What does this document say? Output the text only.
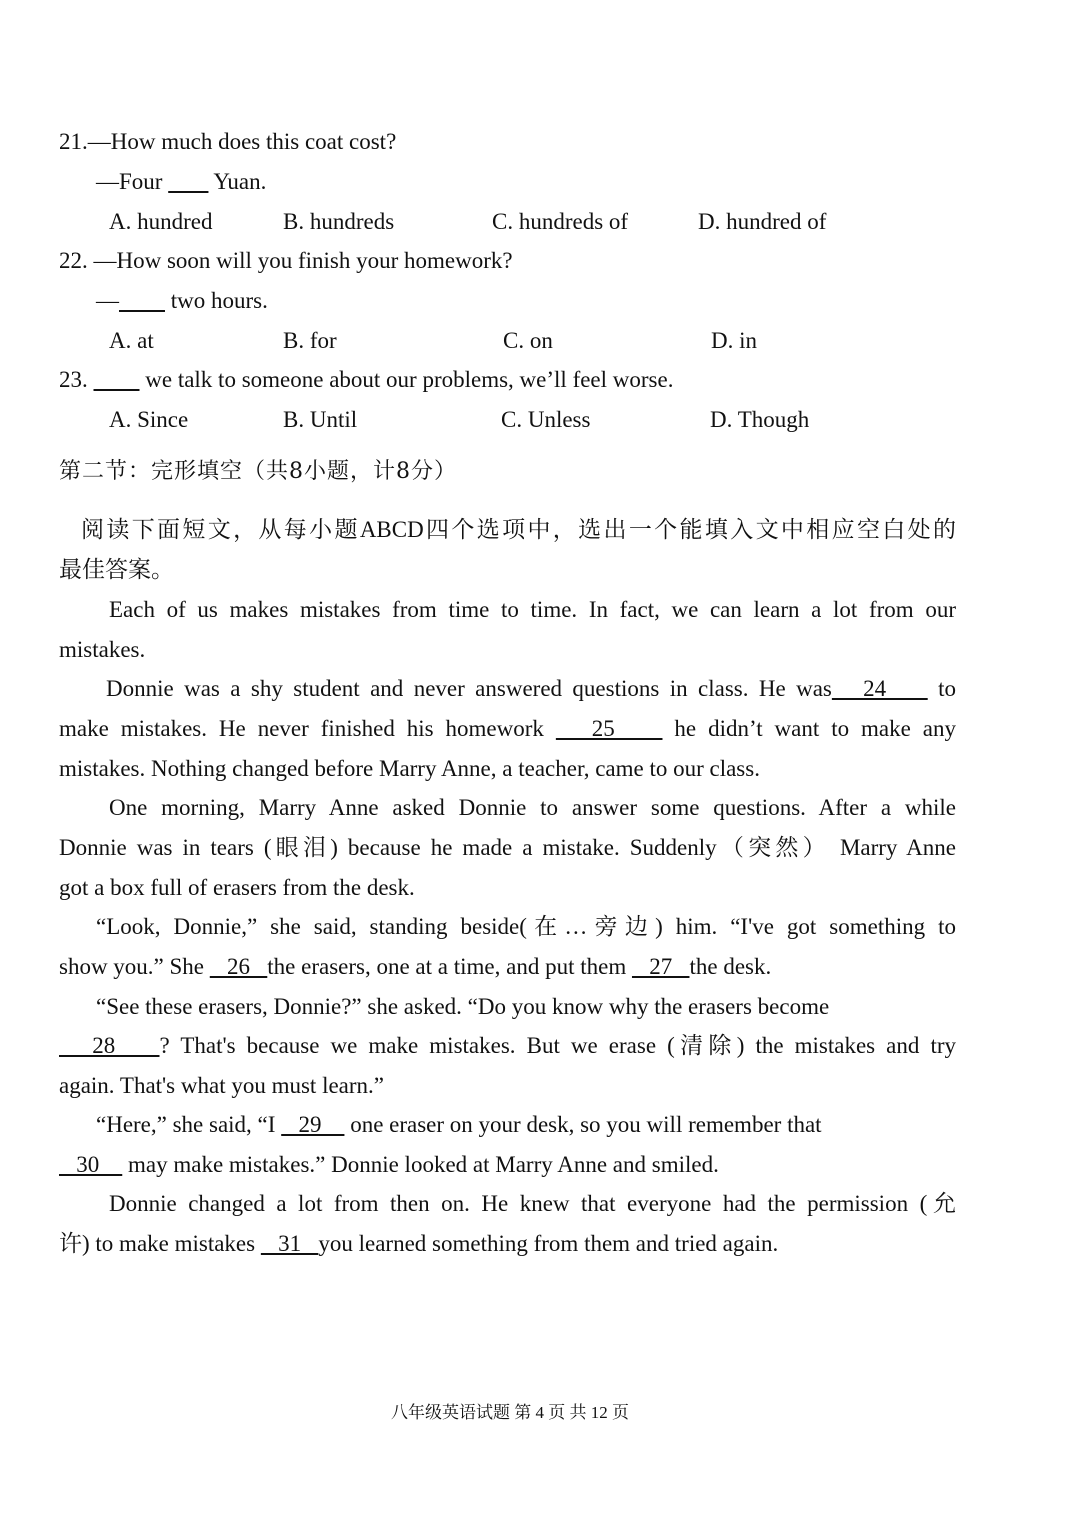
21.—How much does this coat cost?
—Four         Yuan.
A. hundred	B. hundreds	C. hundreds of	D. hundred of
22. —How soon will you finish your homework?
—         two hours.
A. at	B. for	C. on	D. in
23.          we talk to someone about our problems, we’ll feel worse.
A. Since	B. Until	C. Unless	D. Though
第二节：完形填空（共8小题，计8分）
阅读下面短文，从每小题ABCD四个选项中，选出一个能填入文中相应空白处的
最佳答案。
Each of us makes mistakes from time to time. In fact, we can learn a lot from our
mistakes.
Donnie was a shy student and never answered questions in class. He was   24     to
make mistakes. He never finished his homework    25     he didn’t want to make any
mistakes. Nothing changed before Marry Anne, a teacher, came to our class.
One morning, Marry Anne asked Donnie to answer some questions. After a while
Donnie was in tears (眼泪) because he made a mistake. Suddenly（突然） Marry Anne
got a box full of erasers from the desk.
“Look, Donnie,” she said, standing beside(在…旁边) him. “I've got something to
show you.” She    26   the erasers, one at a time, and put them    27   the desk.
“See these erasers, Donnie?” she asked. “Do you know why the erasers become
28    ? That's because we make mistakes. But we erase (清除) the mistakes and try
again. That's what you must learn.”
“Here,” she said, “I    29     one eraser on your desk, so you will remember that
30     may make mistakes.” Donnie looked at Marry Anne and smiled.
Donnie changed a lot from then on. He knew that everyone had the permission (允
许) to make mistakes    31   you learned something from them and tried again.
八年级英语试题 第 4 页 共 12 页
